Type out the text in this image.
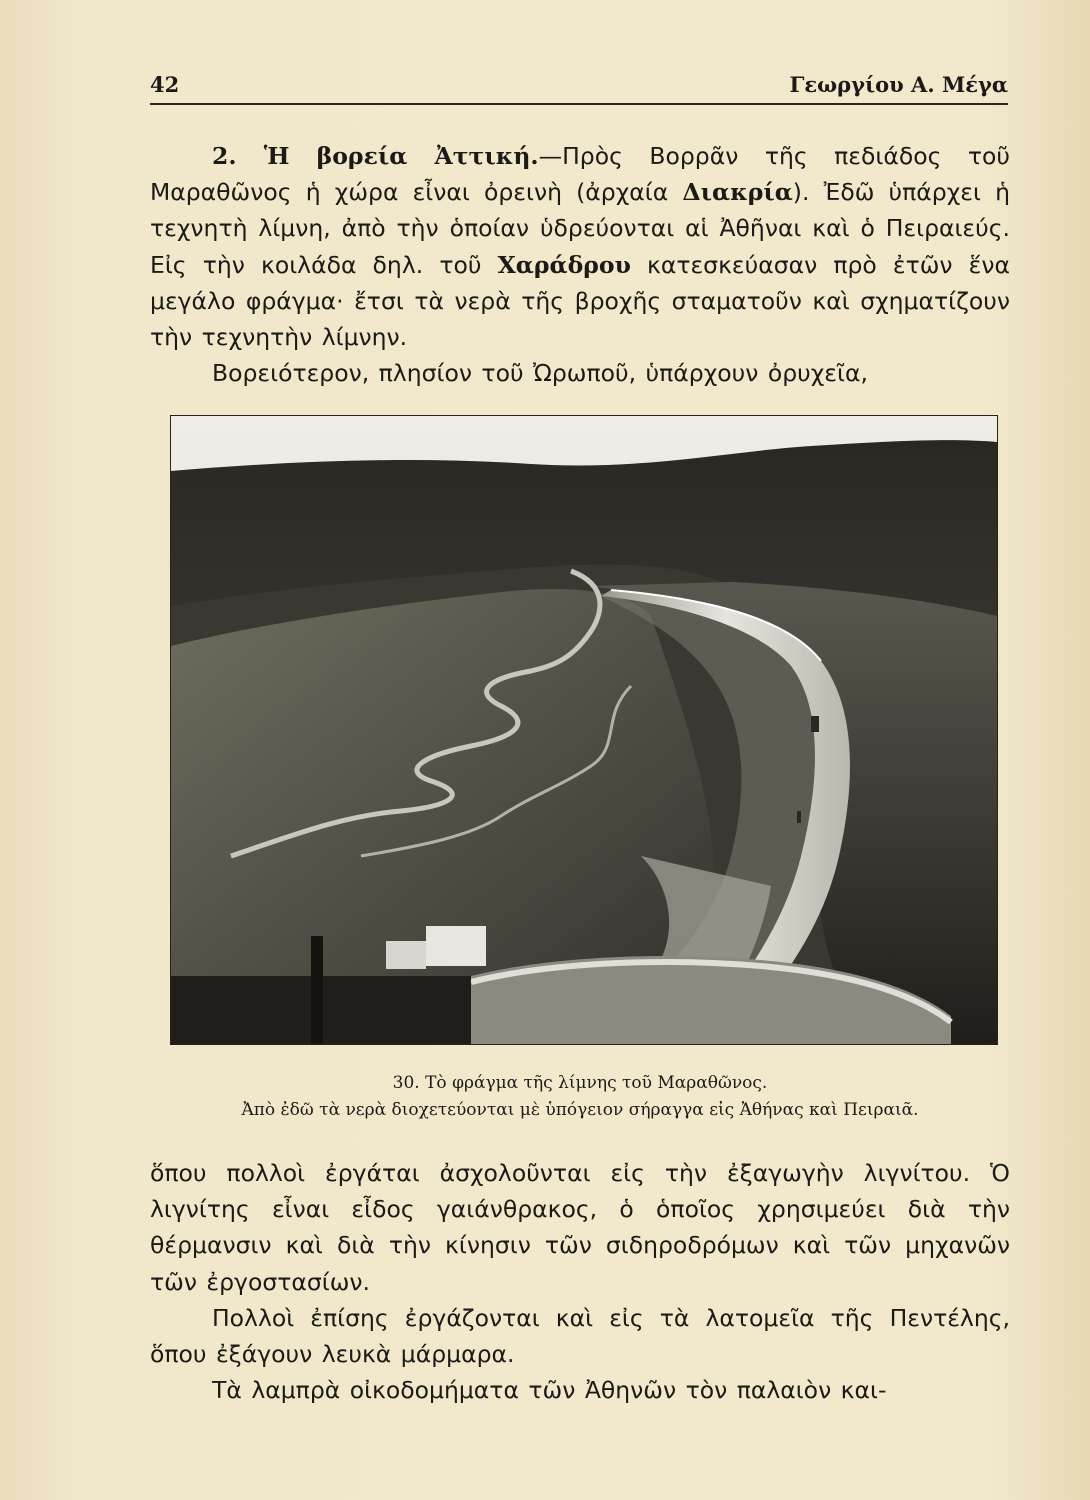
42	Γεωργίου Α. Μέγα

2. Ἡ βορεία Ἀττική.—Πρὸς Βορρᾶν τῆς πεδιάδος τοῦ Μαραθῶνος ἡ χώρα εἶναι ὀρεινὴ (ἀρχαία Διακρία). Ἐδῶ ὑπάρχει ἡ τεχνητὴ λίμνη, ἀπὸ τὴν ὁποίαν ὑδρεύονται αἱ Ἀθῆναι καὶ ὁ Πειραιεύς. Εἰς τὴν κοιλάδα δηλ. τοῦ Χαράδρου κατεσκεύασαν πρὸ ἐτῶν ἕνα μεγάλο φράγμα· ἔτσι τὰ νερὰ τῆς βροχῆς σταματοῦν καὶ σχηματίζουν τὴν τεχνητὴν λίμνην.

Βορειότερον, πλησίον τοῦ Ὠρωποῦ, ὑπάρχουν ὀρυχεῖα,

30. Τὸ φράγμα τῆς λίμνης τοῦ Μαραθῶνος.
Ἀπὸ ἐδῶ τὰ νερὰ διοχετεύονται μὲ ὑπόγειον σήραγγα εἰς Ἀθήνας καὶ Πειραιᾶ.

ὅπου πολλοὶ ἐργάται ἀσχολοῦνται εἰς τὴν ἐξαγωγὴν λιγνίτου. Ὁ λιγνίτης εἶναι εἶδος γαιάνθρακος, ὁ ὁποῖος χρησιμεύει διὰ τὴν θέρμανσιν καὶ διὰ τὴν κίνησιν τῶν σιδηροδρόμων καὶ τῶν μηχανῶν τῶν ἐργοστασίων.

Πολλοὶ ἐπίσης ἐργάζονται καὶ εἰς τὰ λατομεῖα τῆς Πεντέλης, ὅπου ἐξάγουν λευκὰ μάρμαρα.

Τὰ λαμπρὰ οἰκοδομήματα τῶν Ἀθηνῶν τὸν παλαιὸν και-
